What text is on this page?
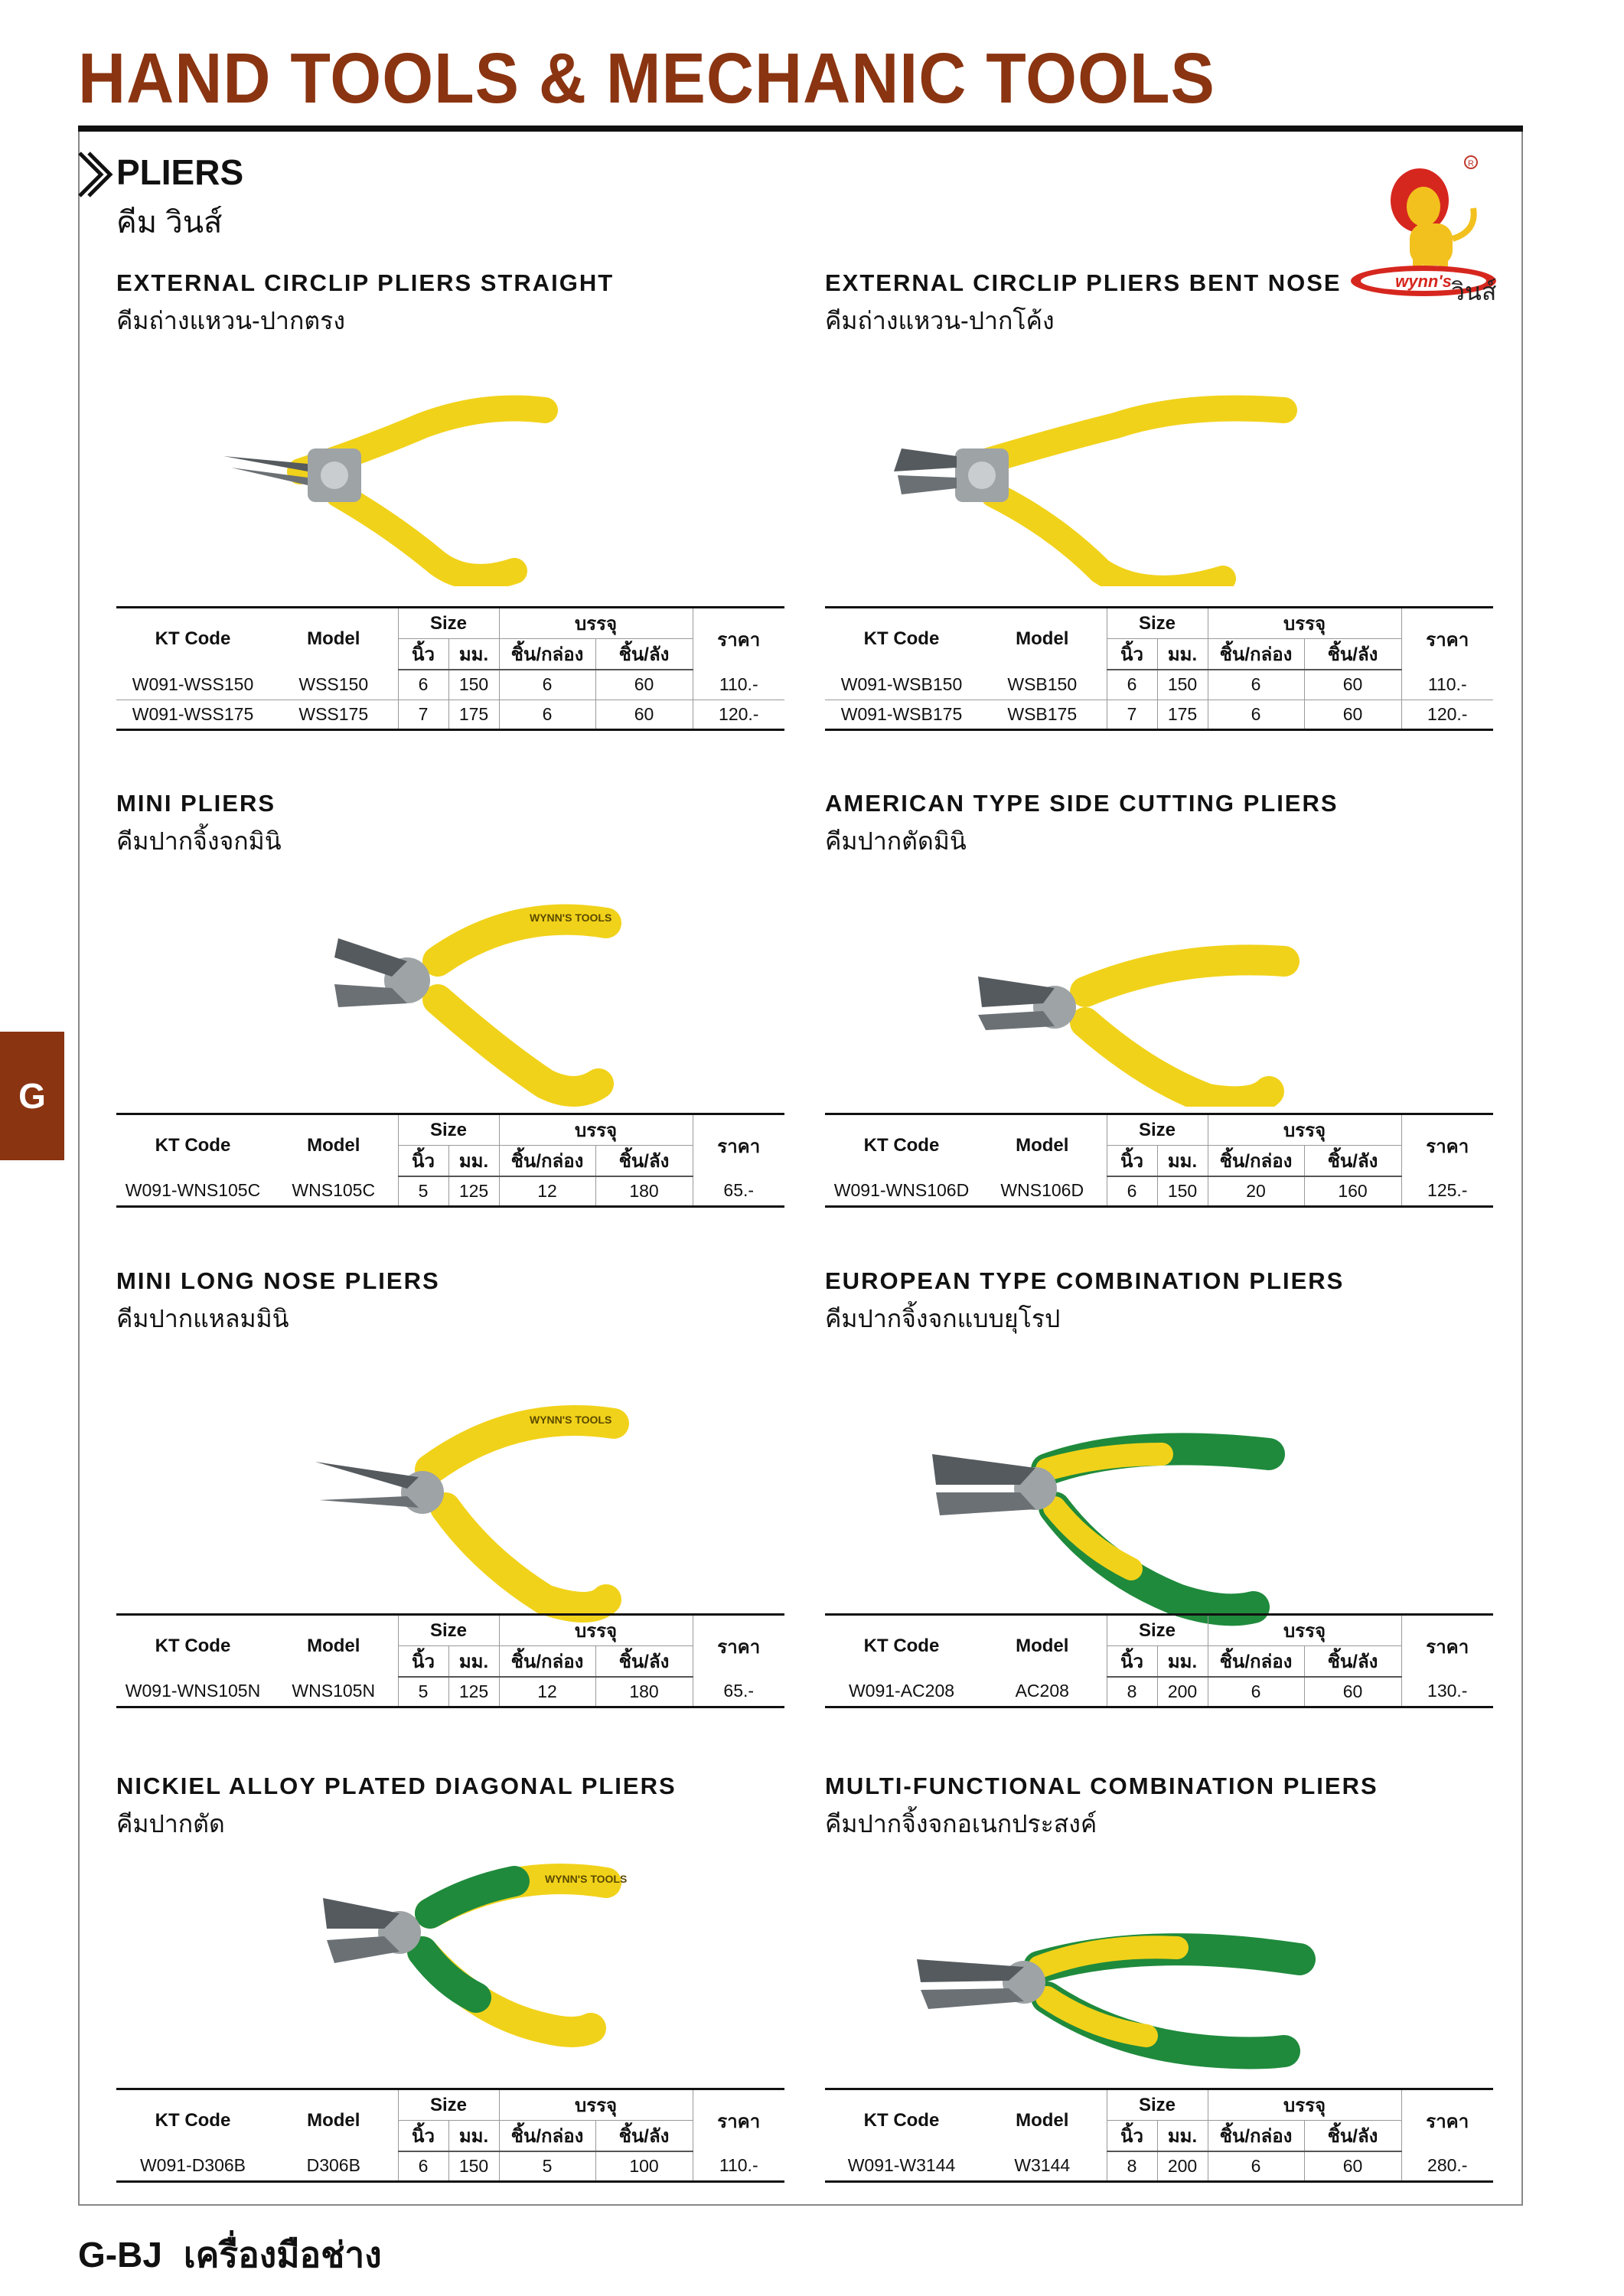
HAND TOOLS & MECHANIC TOOLS
PLIERS
คีม วินส์
R
wynn's วินส์
G
EXTERNAL CIRCLIP PLIERS STRAIGHT
คีมถ่างแหวน-ปากตรง
KT Code	Model	Size		บรรจุ		ราคา
		นิ้ว	มม.	ชิ้น/กล่อง	ชิ้น/ลัง	
W091-WSS150	WSS150	6	150	6	60	110.-
W091-WSS175	WSS175	7	175	6	60	120.-
EXTERNAL CIRCLIP PLIERS BENT NOSE
คีมถ่างแหวน-ปากโค้ง
KT Code	Model	Size		บรรจุ		ราคา
		นิ้ว	มม.	ชิ้น/กล่อง	ชิ้น/ลัง	
W091-WSB150	WSB150	6	150	6	60	110.-
W091-WSB175	WSB175	7	175	6	60	120.-
MINI PLIERS
คีมปากจิ้งจกมินิ
WYNN'S TOOLS
KT Code	Model	Size		บรรจุ		ราคา
		นิ้ว	มม.	ชิ้น/กล่อง	ชิ้น/ลัง	
W091-WNS105C	WNS105C	5	125	12	180	65.-
AMERICAN TYPE SIDE CUTTING PLIERS
คีมปากตัดมินิ
KT Code	Model	Size		บรรจุ		ราคา
		นิ้ว	มม.	ชิ้น/กล่อง	ชิ้น/ลัง	
W091-WNS106D	WNS106D	6	150	20	160	125.-
MINI LONG NOSE PLIERS
คีมปากแหลมมินิ
WYNN'S TOOLS
KT Code	Model	Size		บรรจุ		ราคา
		นิ้ว	มม.	ชิ้น/กล่อง	ชิ้น/ลัง	
W091-WNS105N	WNS105N	5	125	12	180	65.-
EUROPEAN TYPE COMBINATION PLIERS
คีมปากจิ้งจกแบบยุโรป
KT Code	Model	Size		บรรจุ		ราคา
		นิ้ว	มม.	ชิ้น/กล่อง	ชิ้น/ลัง	
W091-AC208	AC208	8	200	6	60	130.-
NICKIEL ALLOY PLATED DIAGONAL PLIERS
คีมปากตัด
WYNN'S TOOLS
KT Code	Model	Size		บรรจุ		ราคา
		นิ้ว	มม.	ชิ้น/กล่อง	ชิ้น/ลัง	
W091-D306B	D306B	6	150	5	100	110.-
MULTI-FUNCTIONAL COMBINATION PLIERS
คีมปากจิ้งจกอเนกประสงค์
KT Code	Model	Size		บรรจุ		ราคา
		นิ้ว	มม.	ชิ้น/กล่อง	ชิ้น/ลัง	
W091-W3144	W3144	8	200	6	60	280.-
G-BJ เครื่องมือช่าง
